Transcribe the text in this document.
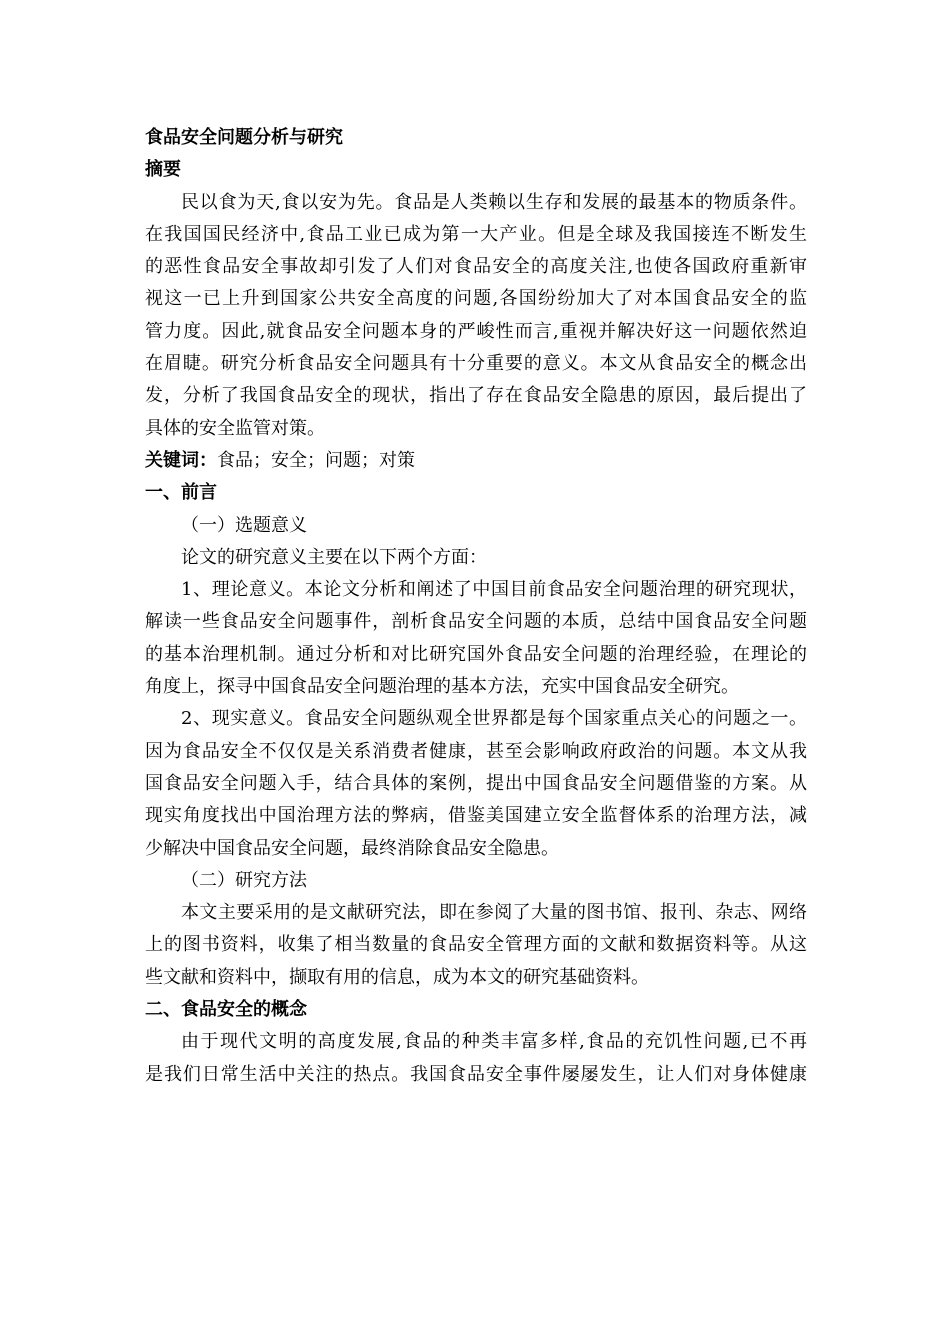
食品安全问题分析与研究
摘要
民以食为天,食以安为先。食品是人类赖以生存和发展的最基本的物质条件。
在我国国民经济中,食品工业已成为第一大产业。但是全球及我国接连不断发生
的恶性食品安全事故却引发了人们对食品安全的高度关注,也使各国政府重新审
视这一已上升到国家公共安全高度的问题,各国纷纷加大了对本国食品安全的监
管力度。因此,就食品安全问题本身的严峻性而言,重视并解决好这一问题依然迫
在眉睫。研究分析食品安全问题具有十分重要的意义。本文从食品安全的概念出
发，分析了我国食品安全的现状，指出了存在食品安全隐患的原因，最后提出了
具体的安全监管对策。
关键词：食品；安全；问题；对策
一、前言
（一）选题意义
论文的研究意义主要在以下两个方面：
1、理论意义。本论文分析和阐述了中国目前食品安全问题治理的研究现状，
解读一些食品安全问题事件，剖析食品安全问题的本质，总结中国食品安全问题
的基本治理机制。通过分析和对比研究国外食品安全问题的治理经验，在理论的
角度上，探寻中国食品安全问题治理的基本方法，充实中国食品安全研究。
2、现实意义。食品安全问题纵观全世界都是每个国家重点关心的问题之一。
因为食品安全不仅仅是关系消费者健康，甚至会影响政府政治的问题。本文从我
国食品安全问题入手，结合具体的案例，提出中国食品安全问题借鉴的方案。从
现实角度找出中国治理方法的弊病，借鉴美国建立安全监督体系的治理方法，减
少解决中国食品安全问题，最终消除食品安全隐患。
（二）研究方法
本文主要采用的是文献研究法，即在参阅了大量的图书馆、报刊、杂志、网络
上的图书资料，收集了相当数量的食品安全管理方面的文献和数据资料等。从这
些文献和资料中，撷取有用的信息，成为本文的研究基础资料。
二、食品安全的概念
由于现代文明的高度发展,食品的种类丰富多样,食品的充饥性问题,已不再
是我们日常生活中关注的热点。我国食品安全事件屡屡发生，让人们对身体健康
